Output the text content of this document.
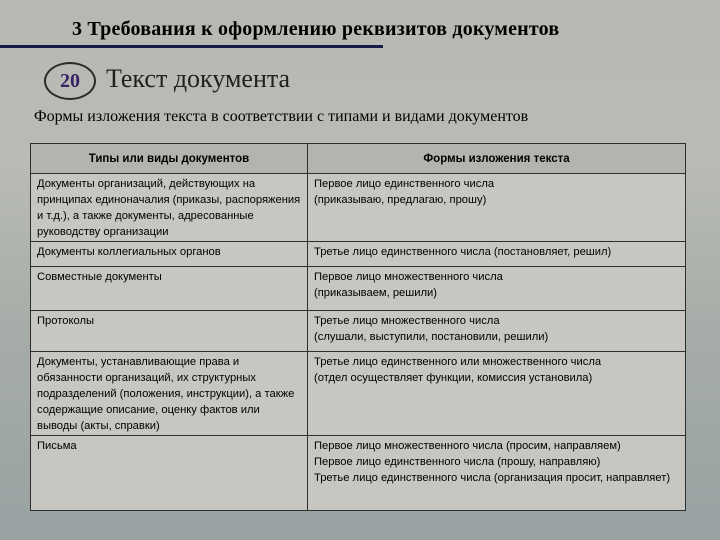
3 Требования к оформлению реквизитов документов
20	Текст документа

Формы изложения текста в соответствии с типами и видами документов

Типы или виды документов	Формы изложения текста
Документы организаций, действующих на принципах единоначалия (приказы, распоряжения и т.д.), а также документы, адресованные руководству организации	Первое лицо единственного числа
(приказываю, предлагаю, прошу)

Документы коллегиальных органов	Третье лицо единственного числа (постановляет, решил)

Совместные документы	Первое лицо множественного числа
(приказываем, решили)

Протоколы	Третье лицо множественного числа
(слушали, выступили, постановили, решили)

Документы, устанавливающие права и обязанности организаций, их структурных подразделений (положения, инструкции), а также содержащие описание, оценку фактов или выводы (акты, справки)	Третье лицо единственного или множественного числа
(отдел осуществляет функции, комиссия установила)

Письма	Первое лицо множественного числа (просим, направляем)
Первое лицо единственного числа (прошу, направляю)
Третье лицо единственного числа (организация просит, направляет)
